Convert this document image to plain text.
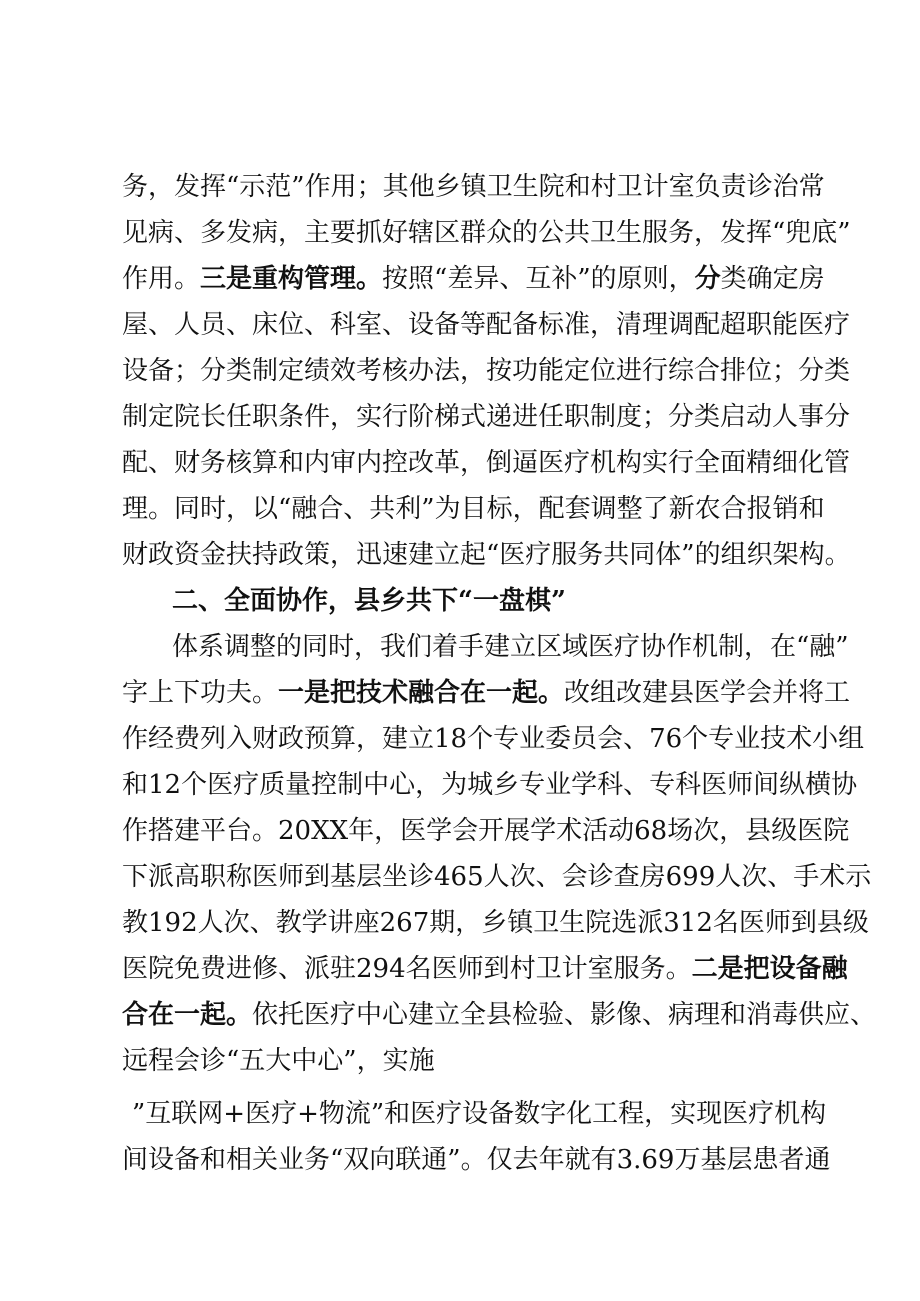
务，发挥“示范”作用；其他乡镇卫生院和村卫计室负责诊治常
见病、多发病，主要抓好辖区群众的公共卫生服务，发挥“兜底”
作用。三是重构管理。按照“差异、互补”的原则，分类确定房
屋、人员、床位、科室、设备等配备标准，清理调配超职能医疗
设备；分类制定绩效考核办法，按功能定位进行综合排位；分类
制定院长任职条件，实行阶梯式递进任职制度；分类启动人事分
配、财务核算和内审内控改革，倒逼医疗机构实行全面精细化管
理。同时，以“融合、共利”为目标，配套调整了新农合报销和
财政资金扶持政策，迅速建立起“医疗服务共同体”的组织架构。
二、全面协作，县乡共下“一盘棋”
体系调整的同时，我们着手建立区域医疗协作机制，在“融”
字上下功夫。一是把技术融合在一起。改组改建县医学会并将工
作经费列入财政预算，建立18个专业委员会、76个专业技术小组
和12个医疗质量控制中心，为城乡专业学科、专科医师间纵横协
作搭建平台。20XX年，医学会开展学术活动68场次，县级医院
下派高职称医师到基层坐诊465人次、会诊查房699人次、手术示
教192人次、教学讲座267期，乡镇卫生院选派312名医师到县级
医院免费进修、派驻294名医师到村卫计室服务。二是把设备融
合在一起。依托医疗中心建立全县检验、影像、病理和消毒供应、
远程会诊“五大中心”，实施
”互联网+医疗+物流”和医疗设备数字化工程，实现医疗机构
间设备和相关业务“双向联通”。仅去年就有3.69万基层患者通
